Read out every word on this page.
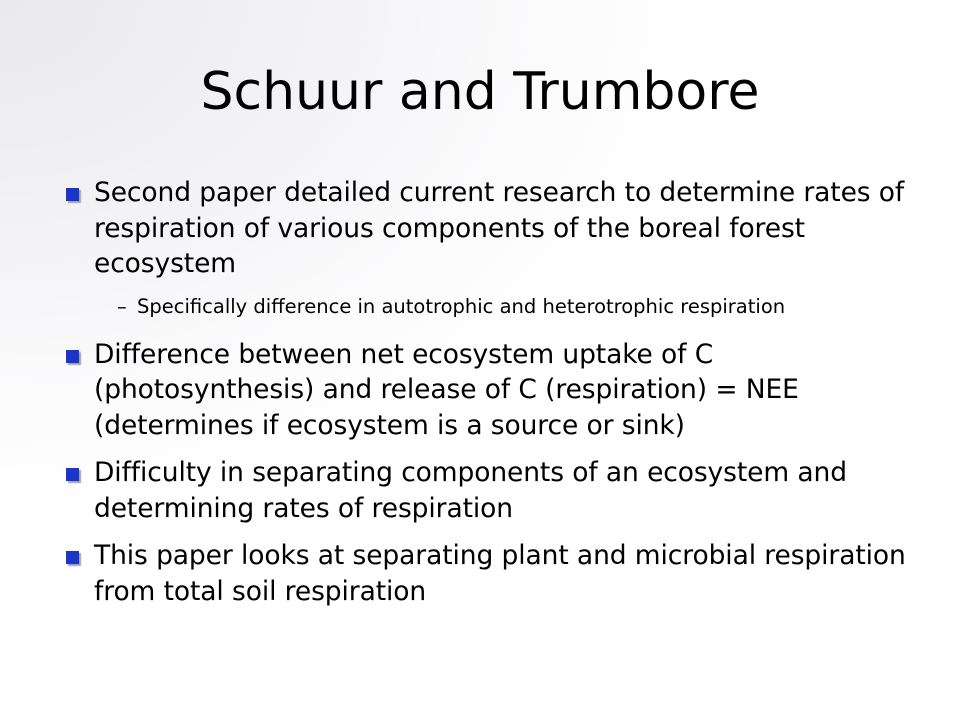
Schuur and Trumbore
Second paper detailed current research to determine rates of respiration of various components of the boreal forest ecosystem
– Specifically difference in autotrophic and heterotrophic respiration
Difference between net ecosystem uptake of C (photosynthesis) and release of C (respiration) = NEE (determines if ecosystem is a source or sink)
Difficulty in separating components of an ecosystem and determining rates of respiration
This paper looks at separating plant and microbial respiration from total soil respiration
